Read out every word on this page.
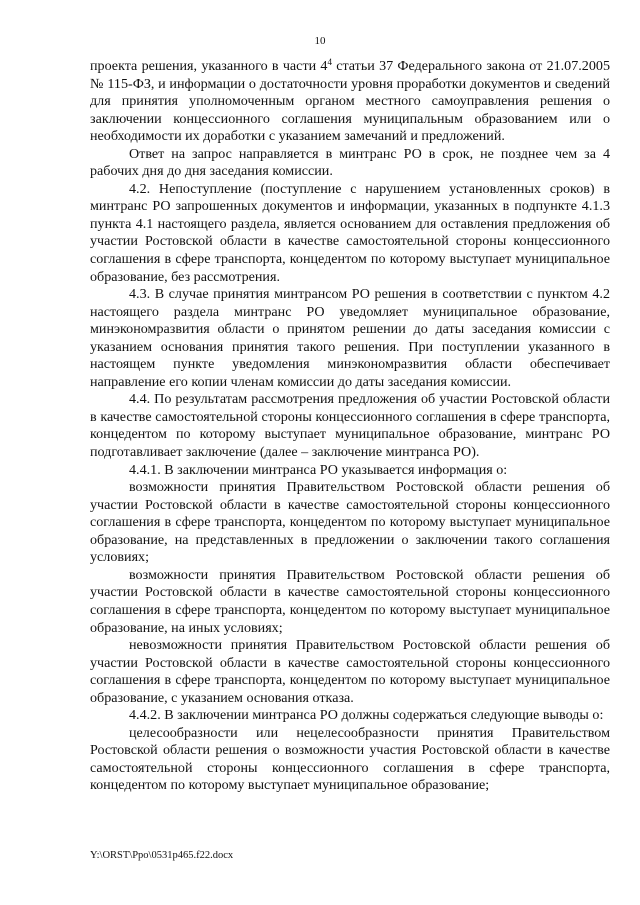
10

проекта решения, указанного в части $4^4$ статьи 37 Федерального закона от 21.07.2005 № 115-ФЗ, и информации о достаточности уровня проработки документов и сведений для принятия уполномоченным органом местного самоуправления решения о заключении концессионного соглашения муниципальным образованием или о необходимости их доработки с указанием замечаний и предложений.

Ответ на запрос направляется в минтранс РО в срок, не позднее чем за 4 рабочих дня до дня заседания комиссии.

4.2. Непоступление (поступление с нарушением установленных сроков) в минтранс РО запрошенных документов и информации, указанных в подпункте 4.1.3 пункта 4.1 настоящего раздела, является основанием для оставления предложения об участии Ростовской области в качестве самостоятельной стороны концессионного соглашения в сфере транспорта, концедентом по которому выступает муниципальное образование, без рассмотрения.

4.3. В случае принятия минтрансом РО решения в соответствии с пунктом 4.2 настоящего раздела минтранс РО уведомляет муниципальное образование, минэкономразвития области о принятом решении до даты заседания комиссии с указанием основания принятия такого решения. При поступлении указанного в настоящем пункте уведомления минэкономразвития области обеспечивает направление его копии членам комиссии до даты заседания комиссии.

4.4. По результатам рассмотрения предложения об участии Ростовской области в качестве самостоятельной стороны концессионного соглашения в сфере транспорта, концедентом по которому выступает муниципальное образование, минтранс РО подготавливает заключение (далее – заключение минтранса РО).

4.4.1. В заключении минтранса РО указывается информация о:

возможности принятия Правительством Ростовской области решения об участии Ростовской области в качестве самостоятельной стороны концессионного соглашения в сфере транспорта, концедентом по которому выступает муниципальное образование, на представленных в предложении о заключении такого соглашения условиях;

возможности принятия Правительством Ростовской области решения об участии Ростовской области в качестве самостоятельной стороны концессионного соглашения в сфере транспорта, концедентом по которому выступает муниципальное образование, на иных условиях;

невозможности принятия Правительством Ростовской области решения об участии Ростовской области в качестве самостоятельной стороны концессионного соглашения в сфере транспорта, концедентом по которому выступает муниципальное образование, с указанием основания отказа.

4.4.2. В заключении минтранса РО должны содержаться следующие выводы о:

целесообразности или нецелесообразности принятия Правительством Ростовской области решения о возможности участия Ростовской области в качестве самостоятельной стороны концессионного соглашения в сфере транспорта, концедентом по которому выступает муниципальное образование;

Y:\ORST\Ppo\0531p465.f22.docx
